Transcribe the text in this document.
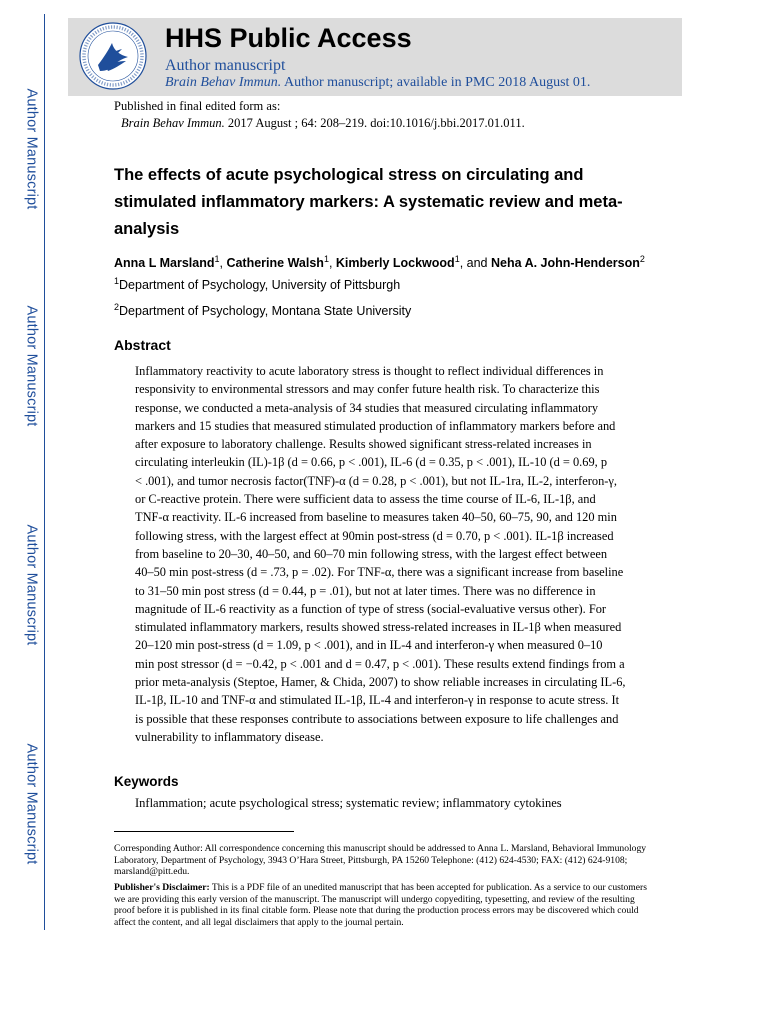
Author Manuscript
Author Manuscript
Author Manuscript
Author Manuscript
HHS Public Access
Author manuscript
Brain Behav Immun. Author manuscript; available in PMC 2018 August 01.
Published in final edited form as:
Brain Behav Immun. 2017 August ; 64: 208–219. doi:10.1016/j.bbi.2017.01.011.
The effects of acute psychological stress on circulating and stimulated inflammatory markers: A systematic review and meta-analysis
Anna L Marsland$^1$, Catherine Walsh$^1$, Kimberly Lockwood$^1$, and Neha A. John-Henderson$^2$
$^1$Department of Psychology, University of Pittsburgh
$^2$Department of Psychology, Montana State University
Abstract
Inflammatory reactivity to acute laboratory stress is thought to reflect individual differences in
responsivity to environmental stressors and may confer future health risk. To characterize this
response, we conducted a meta-analysis of 34 studies that measured circulating inflammatory
markers and 15 studies that measured stimulated production of inflammatory markers before and
after exposure to laboratory challenge. Results showed significant stress-related increases in
circulating interleukin (IL)-1β (d = 0.66, p < .001), IL-6 (d = 0.35, p < .001), IL-10 (d = 0.69, p
< .001), and tumor necrosis factor(TNF)-α (d = 0.28, p < .001), but not IL-1ra, IL-2, interferon-γ,
or C-reactive protein. There were sufficient data to assess the time course of IL-6, IL-1β, and
TNF-α reactivity. IL-6 increased from baseline to measures taken 40–50, 60–75, 90, and 120 min
following stress, with the largest effect at 90min post-stress (d = 0.70, p < .001). IL-1β increased
from baseline to 20–30, 40–50, and 60–70 min following stress, with the largest effect between
40–50 min post-stress (d = .73, p = .02). For TNF-α, there was a significant increase from baseline
to 31–50 min post stress (d = 0.44, p = .01), but not at later times. There was no difference in
magnitude of IL-6 reactivity as a function of type of stress (social-evaluative versus other). For
stimulated inflammatory markers, results showed stress-related increases in IL-1β when measured
20–120 min post-stress (d = 1.09, p < .001), and in IL-4 and interferon-γ when measured 0–10
min post stressor (d = −0.42, p < .001 and d = 0.47, p < .001). These results extend findings from a
prior meta-analysis (Steptoe, Hamer, & Chida, 2007) to show reliable increases in circulating IL-6,
IL-1β, IL-10 and TNF-α and stimulated IL-1β, IL-4 and interferon-γ in response to acute stress. It
is possible that these responses contribute to associations between exposure to life challenges and
vulnerability to inflammatory disease.
Keywords
Inflammation; acute psychological stress; systematic review; inflammatory cytokines
Corresponding Author: All correspondence concerning this manuscript should be addressed to Anna L. Marsland, Behavioral Immunology Laboratory, Department of Psychology, 3943 O’Hara Street, Pittsburgh, PA 15260 Telephone: (412) 624-4530; FAX: (412) 624-9108; marsland@pitt.edu.
Publisher's Disclaimer: This is a PDF file of an unedited manuscript that has been accepted for publication. As a service to our customers we are providing this early version of the manuscript. The manuscript will undergo copyediting, typesetting, and review of the resulting proof before it is published in its final citable form. Please note that during the production process errors may be discovered which could affect the content, and all legal disclaimers that apply to the journal pertain.
